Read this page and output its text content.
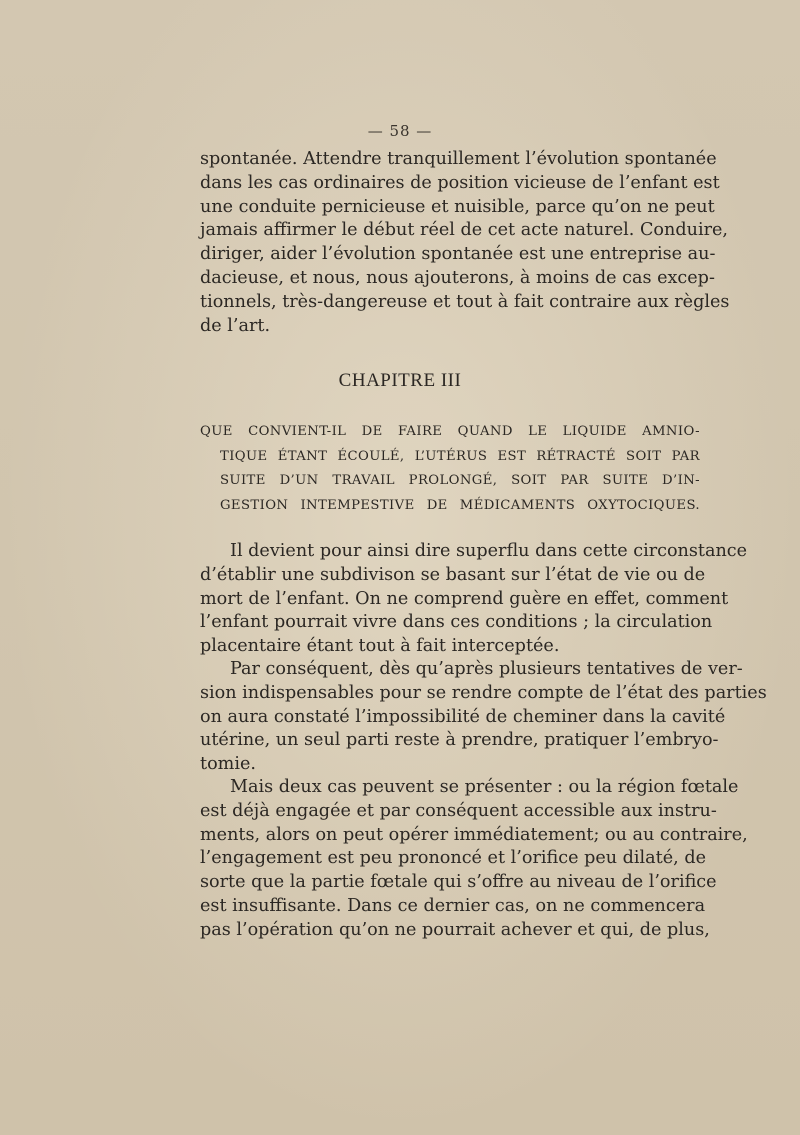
— 58 —
spontanée. Attendre tranquillement l’évolution spontanée
dans les cas ordinaires de position vicieuse de l’enfant est
une conduite pernicieuse et nuisible, parce qu’on ne peut
jamais affirmer le début réel de cet acte naturel. Conduire,
diriger, aider l’évolution spontanée est une entreprise au-
dacieuse, et nous, nous ajouterons, à moins de cas excep-
tionnels, très-dangereuse et tout à fait contraire aux règles
de l’art.
CHAPITRE III
QUE CONVIENT-IL DE FAIRE QUAND LE LIQUIDE AMNIO-
TIQUE ÉTANT ÉCOULÉ, L’UTÉRUS EST RÉTRACTÉ SOIT PAR
SUITE D’UN TRAVAIL PROLONGÉ, SOIT PAR SUITE D’IN-
GESTION INTEMPESTIVE DE MÉDICAMENTS OXYTOCIQUES.
Il devient pour ainsi dire superflu dans cette circonstance
d’établir une subdivison se basant sur l’état de vie ou de
mort de l’enfant. On ne comprend guère en effet, comment
l’enfant pourrait vivre dans ces conditions ; la circulation
placentaire étant tout à fait interceptée.
Par conséquent, dès qu’après plusieurs tentatives de ver-
sion indispensables pour se rendre compte de l’état des parties
on aura constaté l’impossibilité de cheminer dans la cavité
utérine, un seul parti reste à prendre, pratiquer l’embryo-
tomie.
Mais deux cas peuvent se présenter : ou la région fœtale
est déjà engagée et par conséquent accessible aux instru-
ments, alors on peut opérer immédiatement; ou au contraire,
l’engagement est peu prononcé et l’orifice peu dilaté, de
sorte que la partie fœtale qui s’offre au niveau de l’orifice
est insuffisante. Dans ce dernier cas, on ne commencera
pas l’opération qu’on ne pourrait achever et qui, de plus,
